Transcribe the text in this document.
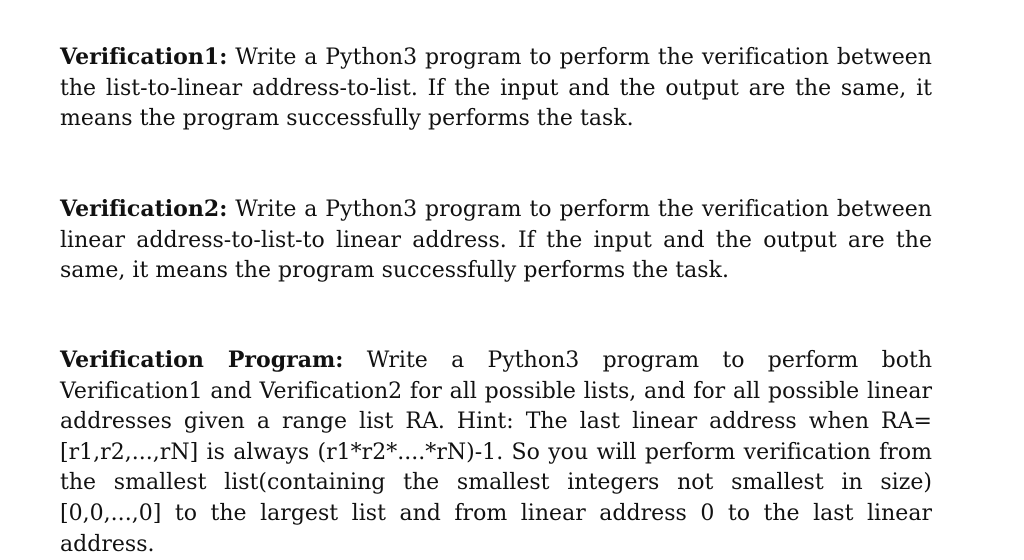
Verification1: Write a Python3 program to perform the verification between the list-to-linear address-to-list. If the input and the output are the same, it means the program successfully performs the task.

Verification2: Write a Python3 program to perform the verification between linear address-to-list-to linear address. If the input and the output are the same, it means the program successfully performs the task.

Verification Program: Write a Python3 program to perform both Verification1 and Verification2 for all possible lists, and for all possible linear addresses given a range list RA. Hint: The last linear address when RA=[r1,r2,...,rN] is always (r1*r2*....*rN)-1. So you will perform verification from the smallest list(containing the smallest integers not smallest in size) [0,0,...,0] to the largest list and from linear address 0 to the last linear address.
